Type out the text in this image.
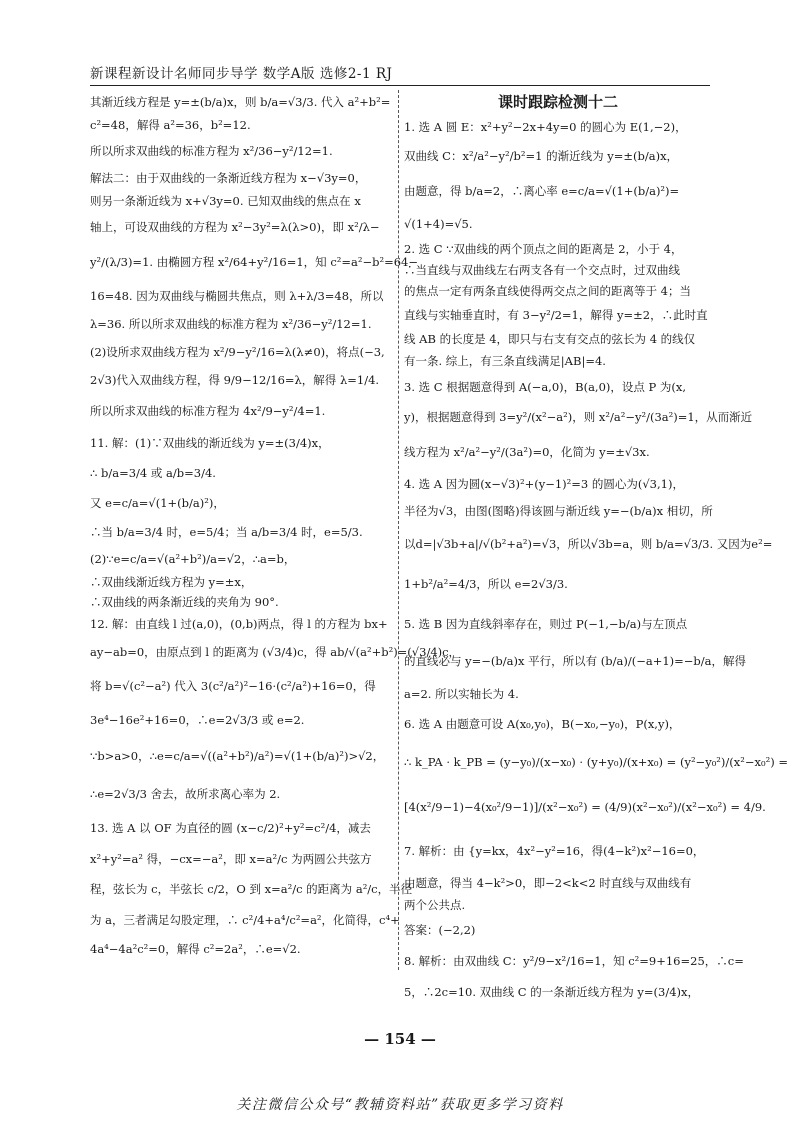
新课程新设计名师同步导学 数学A版 选修2-1 RJ
其渐近线方程是 y=±(b/a)x，则 b/a=√3/3. 代入 a²+b²=
c²=48，解得 a²=36，b²=12.
所以所求双曲线的标准方程为 x²/36−y²/12=1.
解法二：由于双曲线的一条渐近线方程为 x−√3y=0，
则另一条渐近线为 x+√3y=0. 已知双曲线的焦点在 x
轴上，可设双曲线的方程为 x²−3y²=λ(λ>0)，即 x²/λ−
y²/(λ/3)=1. 由椭圆方程 x²/64+y²/16=1，知 c²=a²−b²=64−
16=48. 因为双曲线与椭圆共焦点，则 λ+λ/3=48，所以
λ=36. 所以所求双曲线的标准方程为 x²/36−y²/12=1.
(2)设所求双曲线方程为 x²/9−y²/16=λ(λ≠0)，将点(−3,
2√3)代入双曲线方程，得 9/9−12/16=λ，解得 λ=1/4.
所以所求双曲线的标准方程为 4x²/9−y²/4=1.
11. 解：(1)∵双曲线的渐近线为 y=±(3/4)x，
∴ b/a=3/4 或 a/b=3/4.
又 e=c/a=√(1+(b/a)²)，
∴当 b/a=3/4 时，e=5/4；当 a/b=3/4 时，e=5/3.
(2)∵e=c/a=√(a²+b²)/a=√2，∴a=b，
∴双曲线渐近线方程为 y=±x，
∴双曲线的两条渐近线的夹角为 90°.
12. 解：由直线 l 过(a,0)，(0,b)两点，得 l 的方程为 bx+
ay−ab=0，由原点到 l 的距离为 (√3/4)c，得 ab/√(a²+b²)=(√3/4)c，
将 b=√(c²−a²) 代入 3(c²/a²)²−16·(c²/a²)+16=0，得
3e⁴−16e²+16=0，∴e=2√3/3 或 e=2.
∵b>a>0，∴e=c/a=√((a²+b²)/a²)=√(1+(b/a)²)>√2，
∴e=2√3/3 舍去，故所求离心率为 2.
13. 选 A 以 OF 为直径的圆 (x−c/2)²+y²=c²/4，减去
x²+y²=a² 得，−cx=−a²，即 x=a²/c 为两圆公共弦方
程，弦长为 c，半弦长 c/2，O 到 x=a²/c 的距离为 a²/c，半径
为 a，三者满足勾股定理，∴ c²/4+a⁴/c²=a²，化简得，c⁴+
4a⁴−4a²c²=0，解得 c²=2a²，∴e=√2.
课时跟踪检测十二
1. 选 A 圆 E：x²+y²−2x+4y=0 的圆心为 E(1,−2)，
双曲线 C：x²/a²−y²/b²=1 的渐近线为 y=±(b/a)x，
由题意，得 b/a=2，∴离心率 e=c/a=√(1+(b/a)²)=
√(1+4)=√5.
2. 选 C ∵双曲线的两个顶点之间的距离是 2，小于 4，
∴当直线与双曲线左右两支各有一个交点时，过双曲线
的焦点一定有两条直线使得两交点之间的距离等于 4；当
直线与实轴垂直时，有 3−y²/2=1，解得 y=±2，∴此时直
线 AB 的长度是 4，即只与右支有交点的弦长为 4 的线仅
有一条. 综上，有三条直线满足|AB|=4.
3. 选 C 根据题意得到 A(−a,0)，B(a,0)，设点 P 为(x,
y)，根据题意得到 3=y²/(x²−a²)，则 x²/a²−y²/(3a²)=1，从而渐近
线方程为 x²/a²−y²/(3a²)=0，化简为 y=±√3x.
4. 选 A 因为圆(x−√3)²+(y−1)²=3 的圆心为(√3,1)，
半径为√3，由图(图略)得该圆与渐近线 y=−(b/a)x 相切，所
以d=|√3b+a|/√(b²+a²)=√3，所以√3b=a，则 b/a=√3/3. 又因为e²=
1+b²/a²=4/3，所以 e=2√3/3.
5. 选 B 因为直线斜率存在，则过 P(−1,−b/a)与左顶点
的直线必与 y=−(b/a)x 平行，所以有 (b/a)/(−a+1)=−b/a，解得
a=2. 所以实轴长为 4.
6. 选 A 由题意可设 A(x₀,y₀)，B(−x₀,−y₀)，P(x,y)，
∴ k_PA · k_PB = (y−y₀)/(x−x₀) · (y+y₀)/(x+x₀) = (y²−y₀²)/(x²−x₀²) =
[4(x²/9−1)−4(x₀²/9−1)]/(x²−x₀²) = (4/9)(x²−x₀²)/(x²−x₀²) = 4/9.
7. 解析：由 {y=kx，4x²−y²=16，得(4−k²)x²−16=0，
由题意，得当 4−k²>0，即−2<k<2 时直线与双曲线有
两个公共点.
答案：(−2,2)
8. 解析：由双曲线 C：y²/9−x²/16=1，知 c²=9+16=25，∴c=
5，∴2c=10. 双曲线 C 的一条渐近线方程为 y=(3/4)x，
— 154 —
关注微信公众号“教辅资料站”获取更多学习资料
